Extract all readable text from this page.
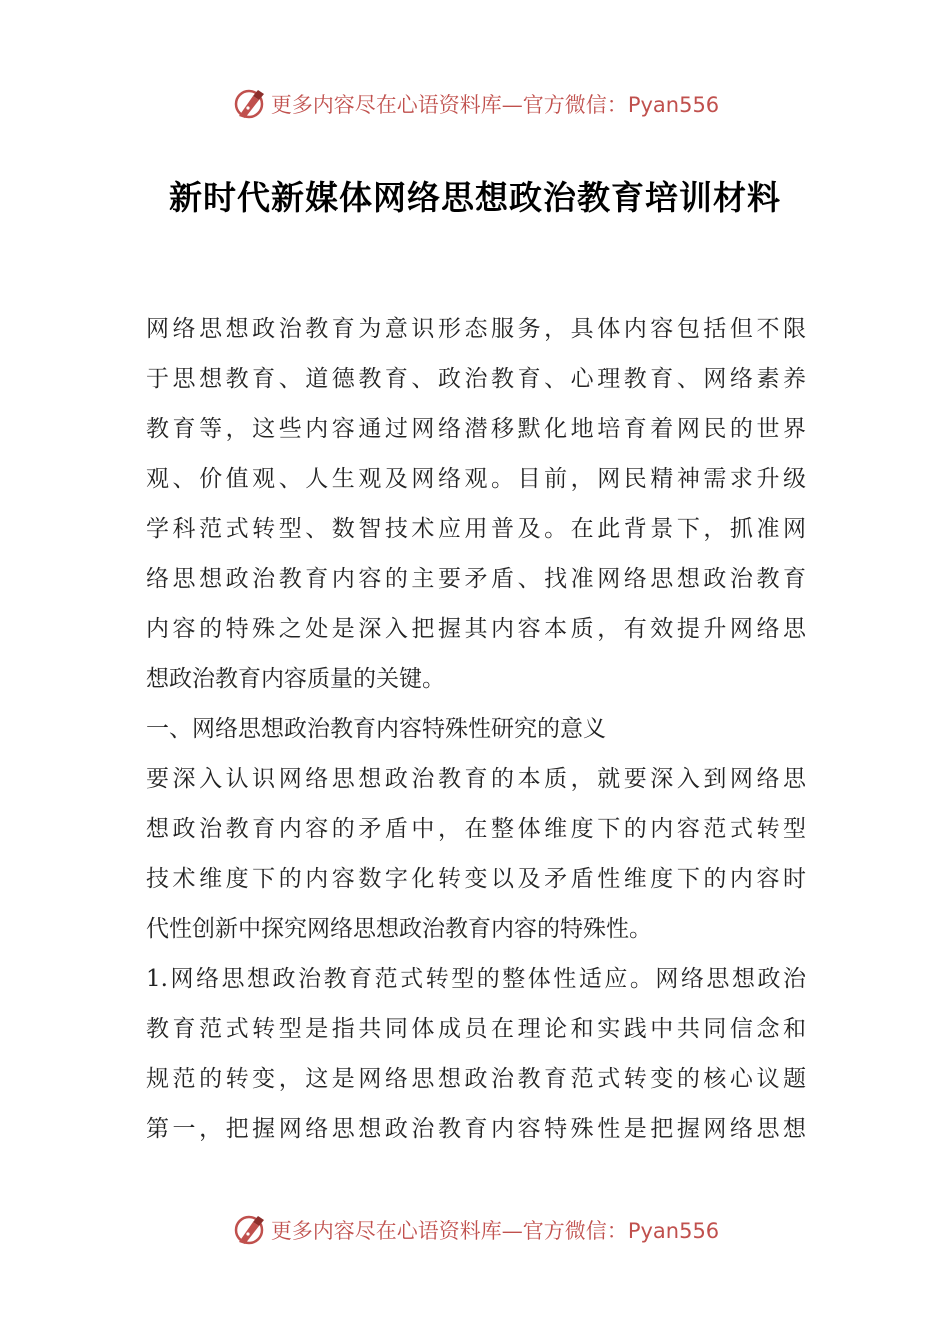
更多内容尽在心语资料库—官方微信：Pyan556
新时代新媒体网络思想政治教育培训材料
网络思想政治教育为意识形态服务，具体内容包括但不限
于思想教育、道德教育、政治教育、心理教育、网络素养
教育等，这些内容通过网络潜移默化地培育着网民的世界
观、价值观、人生观及网络观。目前，网民精神需求升级
学科范式转型、数智技术应用普及。在此背景下，抓准网
络思想政治教育内容的主要矛盾、找准网络思想政治教育
内容的特殊之处是深入把握其内容本质，有效提升网络思
想政治教育内容质量的关键。
一、网络思想政治教育内容特殊性研究的意义
要深入认识网络思想政治教育的本质，就要深入到网络思
想政治教育内容的矛盾中，在整体维度下的内容范式转型
技术维度下的内容数字化转变以及矛盾性维度下的内容时
代性创新中探究网络思想政治教育内容的特殊性。
1.网络思想政治教育范式转型的整体性适应。网络思想政治
教育范式转型是指共同体成员在理论和实践中共同信念和
规范的转变，这是网络思想政治教育范式转变的核心议题
第一，把握网络思想政治教育内容特殊性是把握网络思想
更多内容尽在心语资料库—官方微信：Pyan556
